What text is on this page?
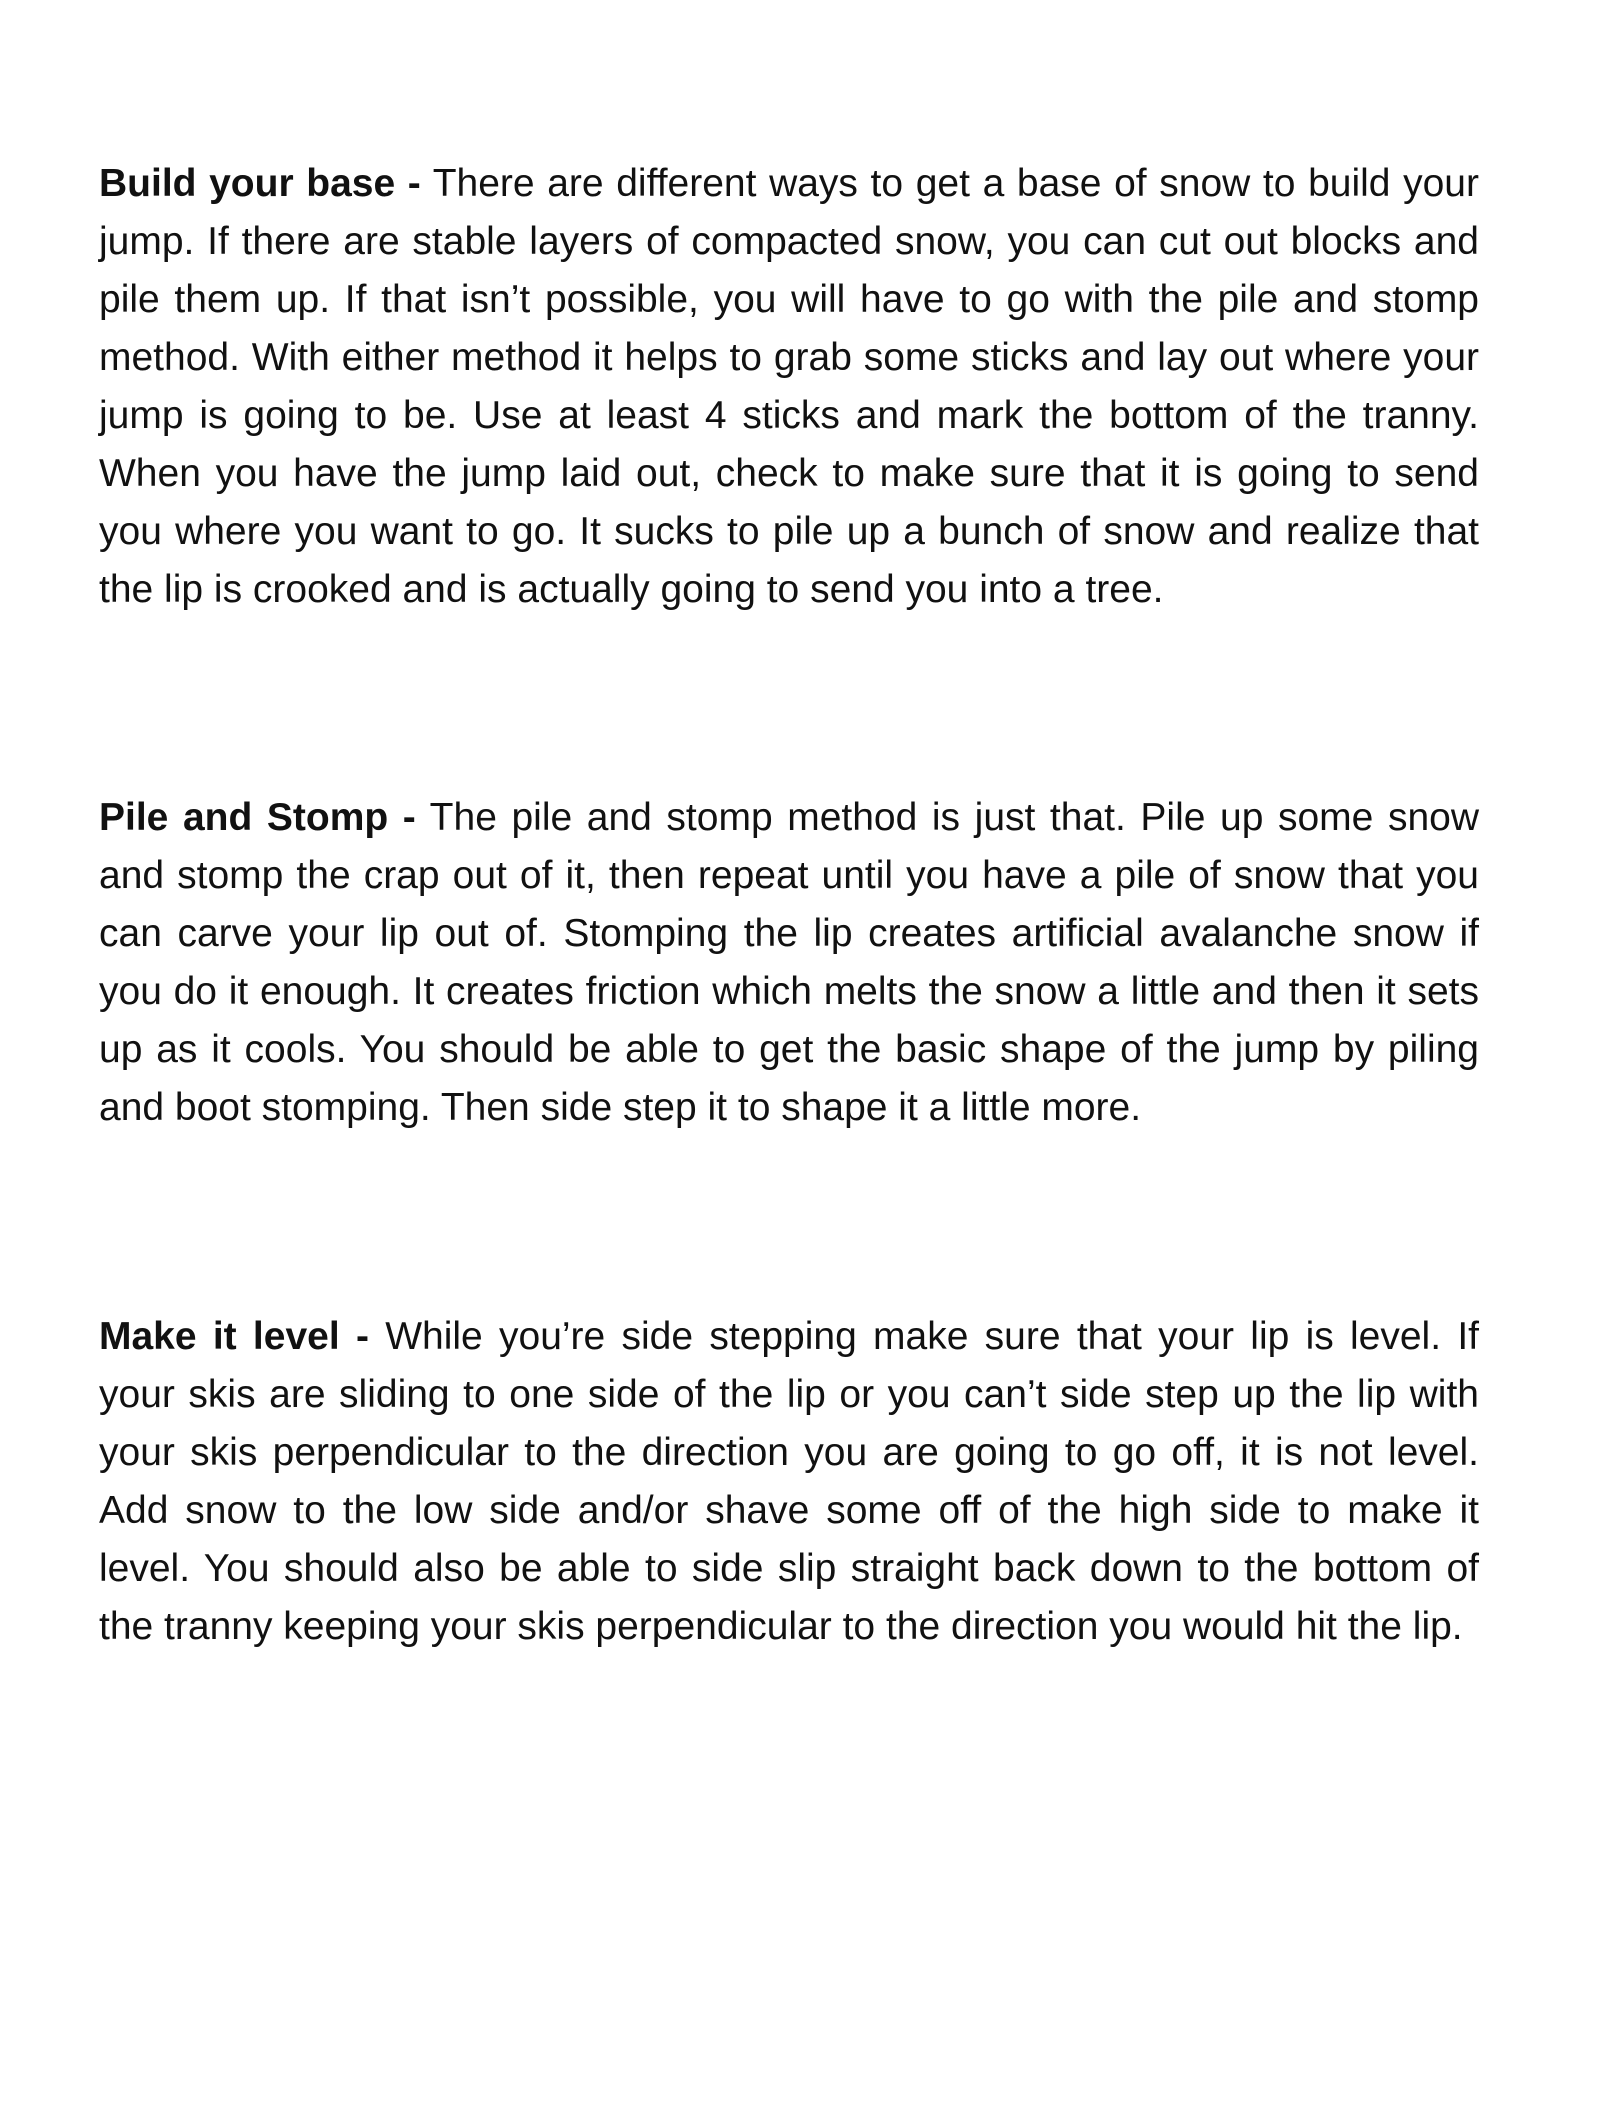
Build your base - There are different ways to get a base of snow to build your jump. If there are stable layers of compacted snow, you can cut out blocks and pile them up. If that isn’t possible, you will have to go with the pile and stomp method. With either method it helps to grab some sticks and lay out where your jump is going to be. Use at least 4 sticks and mark the bottom of the tranny. When you have the jump laid out, check to make sure that it is going to send you where you want to go. It sucks to pile up a bunch of snow and realize that the lip is crooked and is actually going to send you into a tree.

Pile and Stomp - The pile and stomp method is just that. Pile up some snow and stomp the crap out of it, then repeat until you have a pile of snow that you can carve your lip out of. Stomping the lip creates artificial avalanche snow if you do it enough. It creates friction which melts the snow a little and then it sets up as it cools. You should be able to get the basic shape of the jump by piling and boot stomping. Then side step it to shape it a little more.

Make it level - While you’re side stepping make sure that your lip is level. If your skis are sliding to one side of the lip or you can’t side step up the lip with your skis perpendicular to the direction you are going to go off, it is not level. Add snow to the low side and/or shave some off of the high side to make it level. You should also be able to side slip straight back down to the bottom of the tranny keeping your skis perpendicular to the direction you would hit the lip.
